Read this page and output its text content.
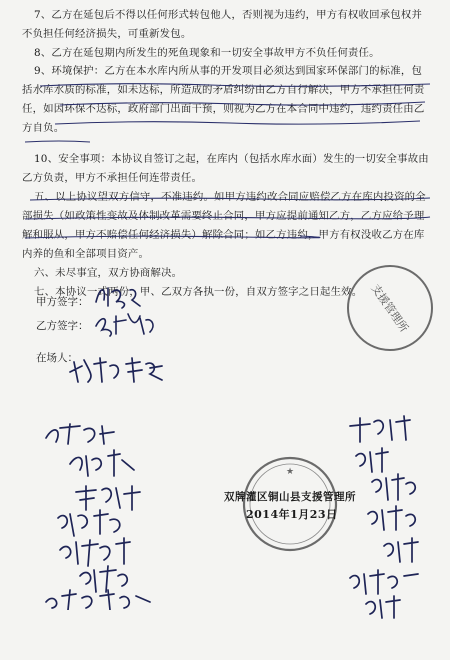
7、乙方在延包后不得以任何形式转包他人，否则视为违约，甲方有权收回承包权并不负担任何经济损失，可重新发包。

8、乙方在延包期内所发生的死鱼现象和一切安全事故甲方不负任何责任。

9、环境保护：乙方在本水库内所从事的开发项目必须达到国家环保部门的标准，包括水库水质的标准，如未达标，所造成的矛盾纠纷由乙方自行解决，甲方不承担任何责任，如因环保不达标，政府部门出面干预，则视为乙方在本合同中违约，违约责任由乙方自负。

10、安全事项：本协议自签订之起，在库内（包括水库水面）发生的一切安全事故由乙方负责，甲方不承担任何连带责任。

五、以上协议望双方信守，不准违约。如甲方违约改合同应赔偿乙方在库内投资的全部损失（如政策性变故及体制改革需要终止合同，甲方应提前通知乙方，乙方应给予理解和服从，甲方不赔偿任何经济损失）解除合同；如乙方违约，甲方有权没收乙方在库内养的鱼和全部项目资产。

六、未尽事宜，双方协商解决。

七、本协议一式两份，甲、乙双方各执一份，自双方签字之日起生效。

甲方签字：
乙方签字：
在场人：
支援管理所
★
双牌灌区铜山县支援管理所
2014年1月23日
